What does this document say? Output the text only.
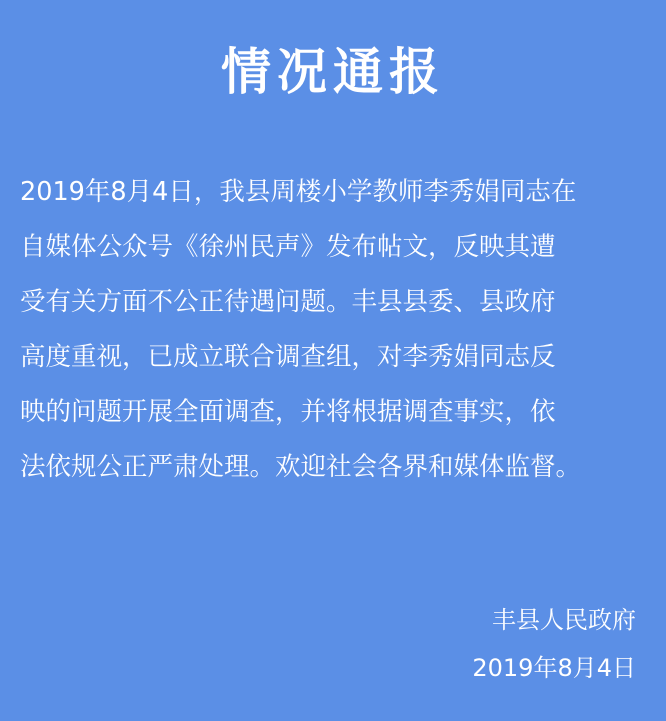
情况通报
2019年8月4日，我县周楼小学教师李秀娟同志在
自媒体公众号《徐州民声》发布帖文，反映其遭
受有关方面不公正待遇问题。丰县县委、县政府
高度重视，已成立联合调查组，对李秀娟同志反
映的问题开展全面调查，并将根据调查事实，依
法依规公正严肃处理。欢迎社会各界和媒体监督。
丰县人民政府
2019年8月4日
